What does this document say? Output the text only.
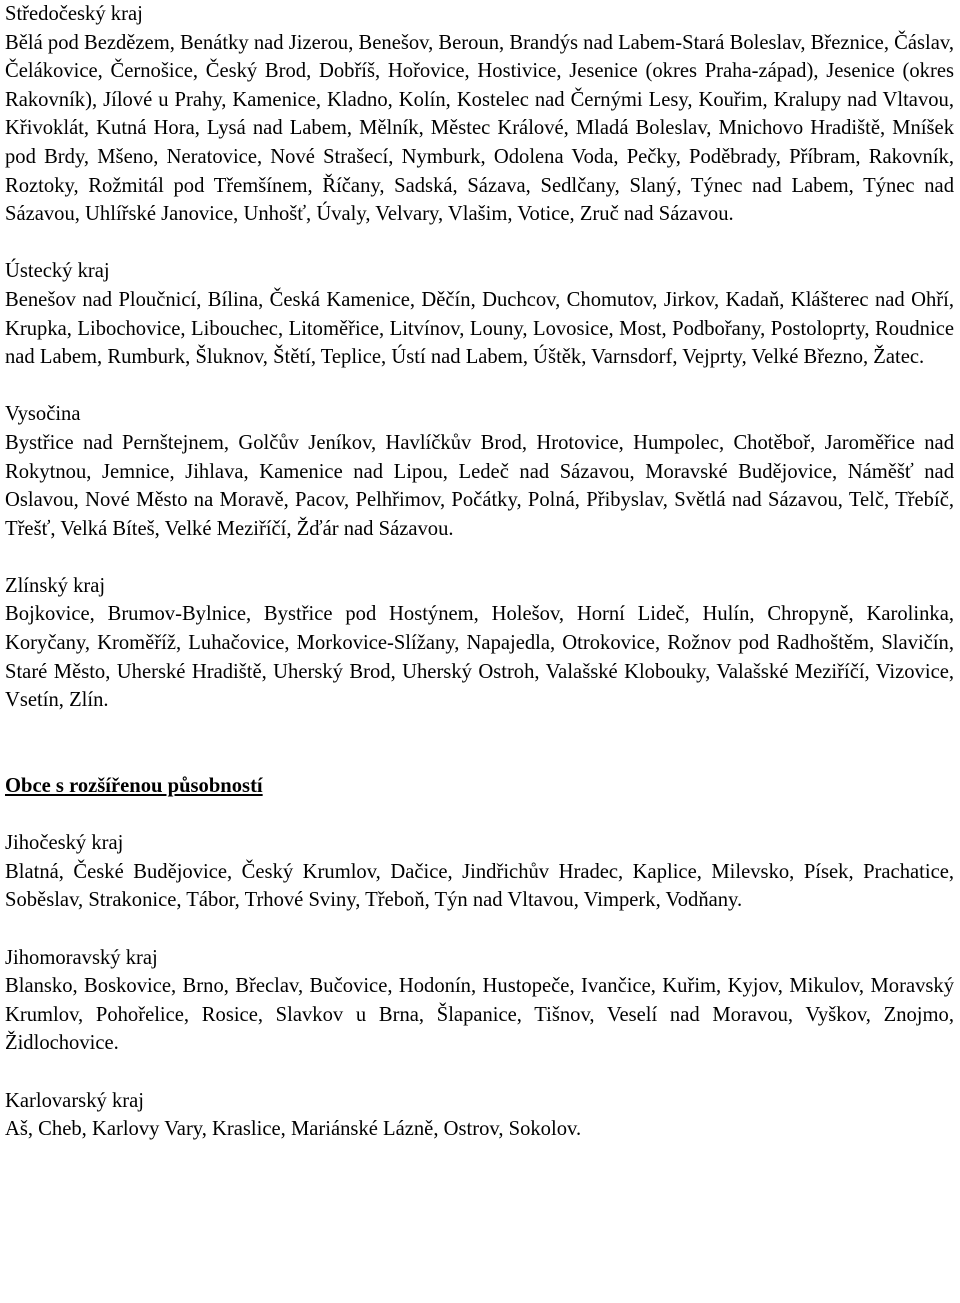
Středočeský kraj

Bělá pod Bezdězem, Benátky nad Jizerou, Benešov, Beroun, Brandýs nad Labem-Stará Boleslav, Březnice, Čáslav, Čelákovice, Černošice, Český Brod, Dobříš, Hořovice, Hostivice, Jesenice (okres Praha-západ), Jesenice (okres Rakovník), Jílové u Prahy, Kamenice, Kladno, Kolín, Kostelec nad Černými Lesy, Kouřim, Kralupy nad Vltavou, Křivoklát, Kutná Hora, Lysá nad Labem, Mělník, Městec Králové, Mladá Boleslav, Mnichovo Hradiště, Mníšek pod Brdy, Mšeno, Neratovice, Nové Strašecí, Nymburk, Odolena Voda, Pečky, Poděbrady, Příbram, Rakovník, Roztoky, Rožmitál pod Třemšínem, Říčany, Sadská, Sázava, Sedlčany, Slaný, Týnec nad Labem, Týnec nad Sázavou, Uhlířské Janovice, Unhošť, Úvaly, Velvary, Vlašim, Votice, Zruč nad Sázavou.

Ústecký kraj

Benešov nad Ploučnicí, Bílina, Česká Kamenice, Děčín, Duchcov, Chomutov, Jirkov, Kadaň, Klášterec nad Ohří, Krupka, Libochovice, Libouchec, Litoměřice, Litvínov, Louny, Lovosice, Most, Podbořany, Postoloprty, Roudnice nad Labem, Rumburk, Šluknov, Štětí, Teplice, Ústí nad Labem, Úštěk, Varnsdorf, Vejprty, Velké Březno, Žatec.

Vysočina

Bystřice nad Pernštejnem, Golčův Jeníkov, Havlíčkův Brod, Hrotovice, Humpolec, Chotěboř, Jaroměřice nad Rokytnou, Jemnice, Jihlava, Kamenice nad Lipou, Ledeč nad Sázavou, Moravské Budějovice, Náměšť nad Oslavou, Nové Město na Moravě, Pacov, Pelhřimov, Počátky, Polná, Přibyslav, Světlá nad Sázavou, Telč, Třebíč, Třešť, Velká Bíteš, Velké Meziříčí, Žďár nad Sázavou.

Zlínský kraj

Bojkovice, Brumov-Bylnice, Bystřice pod Hostýnem, Holešov, Horní Lideč, Hulín, Chropyně, Karolinka, Koryčany, Kroměříž, Luhačovice, Morkovice-Slížany, Napajedla, Otrokovice, Rožnov pod Radhoštěm, Slavičín, Staré Město, Uherské Hradiště, Uherský Brod, Uherský Ostroh, Valašské Klobouky, Valašské Meziříčí, Vizovice, Vsetín, Zlín.

Obce s rozšířenou působností

Jihočeský kraj

Blatná, České Budějovice, Český Krumlov, Dačice, Jindřichův Hradec, Kaplice, Milevsko, Písek, Prachatice, Soběslav, Strakonice, Tábor, Trhové Sviny, Třeboň, Týn nad Vltavou, Vimperk, Vodňany.

Jihomoravský kraj

Blansko, Boskovice, Brno, Břeclav, Bučovice, Hodonín, Hustopeče, Ivančice, Kuřim, Kyjov, Mikulov, Moravský Krumlov, Pohořelice, Rosice, Slavkov u Brna, Šlapanice, Tišnov, Veselí nad Moravou, Vyškov, Znojmo, Židlochovice.

Karlovarský kraj

Aš, Cheb, Karlovy Vary, Kraslice, Mariánské Lázně, Ostrov, Sokolov.
